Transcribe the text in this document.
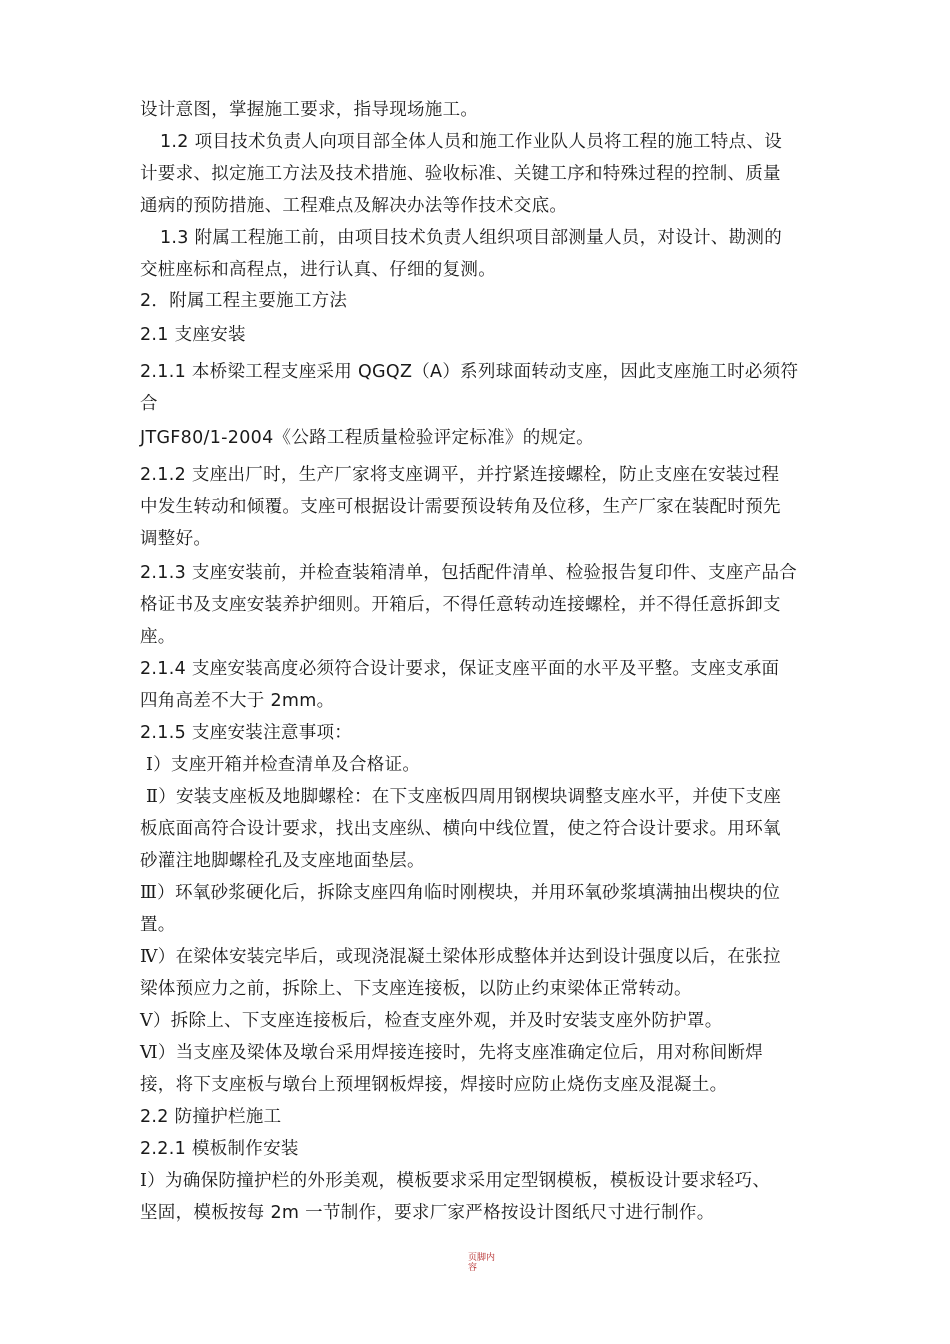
设计意图，掌握施工要求，指导现场施工。
1.2 项目技术负责人向项目部全体人员和施工作业队人员将工程的施工特点、设
计要求、拟定施工方法及技术措施、验收标准、关键工序和特殊过程的控制、质量
通病的预防措施、工程难点及解决办法等作技术交底。
1.3 附属工程施工前，由项目技术负责人组织项目部测量人员，对设计、勘测的
交桩座标和高程点，进行认真、仔细的复测。
2．附属工程主要施工方法
2.1 支座安装
2.1.1 本桥梁工程支座采用 QGQZ（A）系列球面转动支座，因此支座施工时必须符
合
JTGF80/1-2004《公路工程质量检验评定标准》的规定。
2.1.2 支座出厂时，生产厂家将支座调平，并拧紧连接螺栓，防止支座在安装过程
中发生转动和倾覆。支座可根据设计需要预设转角及位移，生产厂家在装配时预先
调整好。
2.1.3 支座安装前，并检查装箱清单，包括配件清单、检验报告复印件、支座产品合
格证书及支座安装养护细则。开箱后，不得任意转动连接螺栓，并不得任意拆卸支
座。
2.1.4 支座安装高度必须符合设计要求，保证支座平面的水平及平整。支座支承面
四角高差不大于 2mm。
2.1.5 支座安装注意事项：
Ⅰ）支座开箱并检查清单及合格证。
Ⅱ）安装支座板及地脚螺栓：在下支座板四周用钢楔块调整支座水平，并使下支座
板底面高符合设计要求，找出支座纵、横向中线位置，使之符合设计要求。用环氧
砂灌注地脚螺栓孔及支座地面垫层。
Ⅲ）环氧砂浆硬化后，拆除支座四角临时刚楔块，并用环氧砂浆填满抽出楔块的位
置。
Ⅳ）在梁体安装完毕后，或现浇混凝土梁体形成整体并达到设计强度以后，在张拉
梁体预应力之前，拆除上、下支座连接板，以防止约束梁体正常转动。
Ⅴ）拆除上、下支座连接板后，检查支座外观，并及时安装支座外防护罩。
Ⅵ）当支座及梁体及墩台采用焊接连接时，先将支座准确定位后，用对称间断焊
接，将下支座板与墩台上预埋钢板焊接，焊接时应防止烧伤支座及混凝土。
2.2 防撞护栏施工
2.2.1 模板制作安装
Ⅰ）为确保防撞护栏的外形美观，模板要求采用定型钢模板，模板设计要求轻巧、
坚固，模板按每 2m 一节制作，要求厂家严格按设计图纸尺寸进行制作。
页脚内
容
